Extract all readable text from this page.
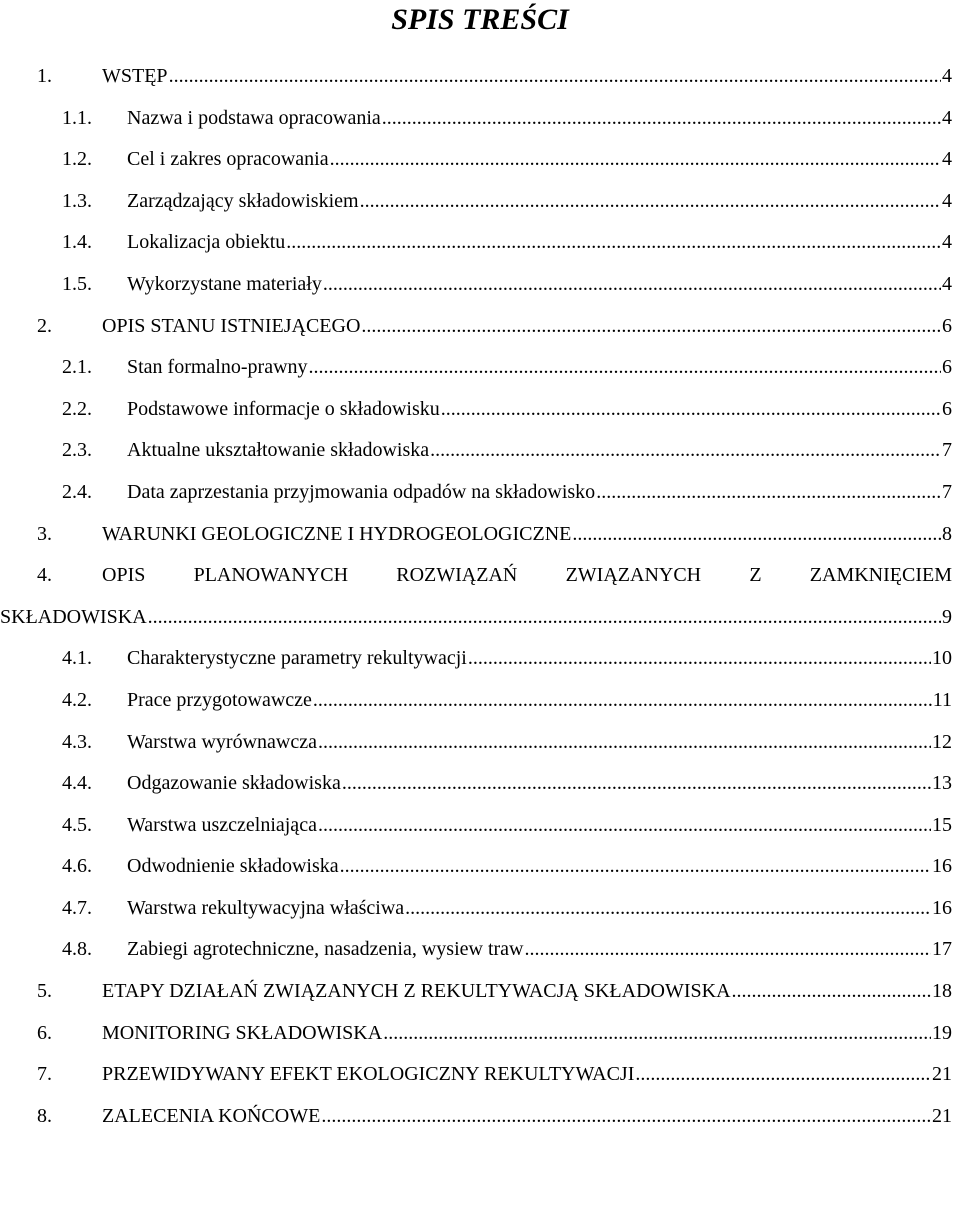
SPIS TREŚCI
1.	WSTĘP .....	4
1.1. Nazwa i podstawa opracowania .....	4
1.2. Cel i zakres opracowania .....	4
1.3. Zarządzający składowiskiem .....	4
1.4. Lokalizacja obiektu .....	4
1.5. Wykorzystane materiały .....	4
2.	OPIS STANU ISTNIEJĄCEGO .....	6
2.1. Stan formalno-prawny .....	6
2.2. Podstawowe informacje o składowisku .....	6
2.3. Aktualne ukształtowanie składowiska .....	7
2.4. Data zaprzestania przyjmowania odpadów na składowisko .....	7
3.	WARUNKI GEOLOGICZNE I HYDROGEOLOGICZNE .....	8
4.	OPIS PLANOWANYCH ROZWIĄZAŃ ZWIĄZANYCH Z ZAMKNIĘCIEM
SKŁADOWISKA .....	9
4.1. Charakterystyczne parametry rekultywacji .....	10
4.2. Prace przygotowawcze .....	11
4.3. Warstwa wyrównawcza .....	12
4.4. Odgazowanie składowiska .....	13
4.5. Warstwa uszczelniająca .....	15
4.6. Odwodnienie składowiska .....	16
4.7. Warstwa rekultywacyjna właściwa .....	16
4.8. Zabiegi agrotechniczne, nasadzenia, wysiew traw .....	17
5.	ETAPY DZIAŁAŃ ZWIĄZANYCH Z REKULTYWACJĄ SKŁADOWISKA .....	18
6.	MONITORING SKŁADOWISKA .....	19
7.	PRZEWIDYWANY EFEKT EKOLOGICZNY REKULTYWACJI .....	21
8.	ZALECENIA KOŃCOWE .....	21
